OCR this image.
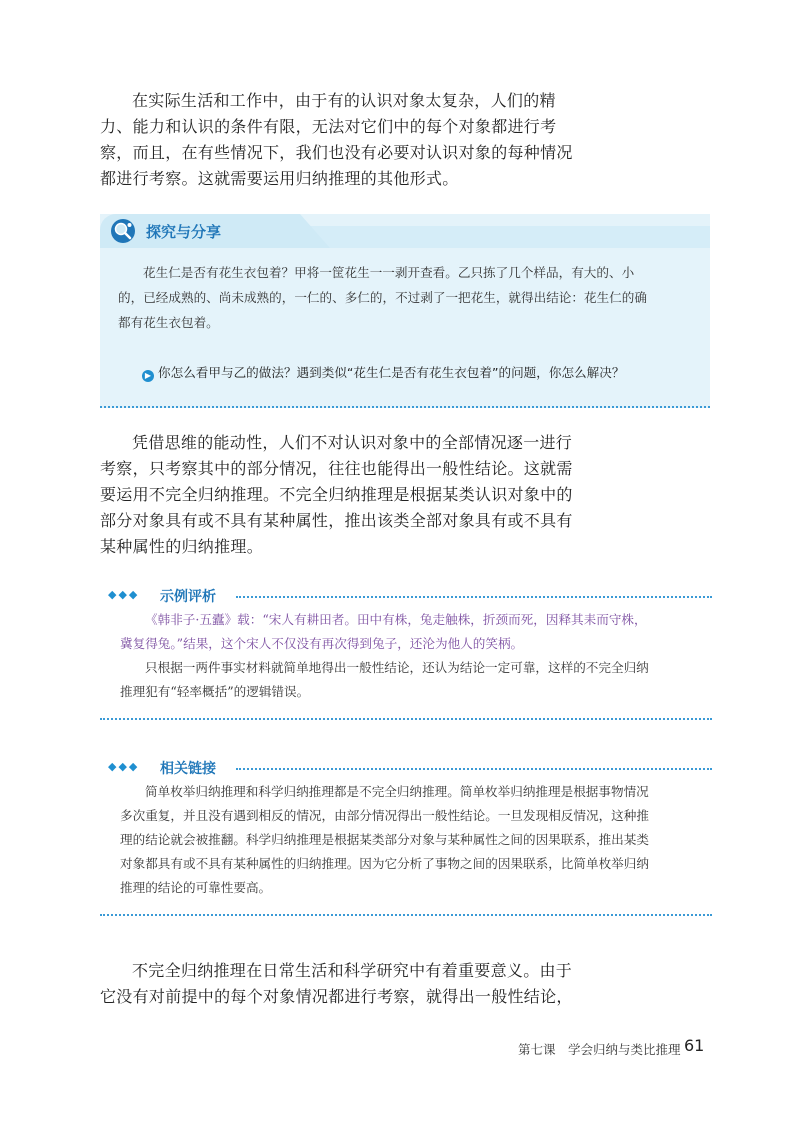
在实际生活和工作中，由于有的认识对象太复杂，人们的精
力、能力和认识的条件有限，无法对它们中的每个对象都进行考
察，而且，在有些情况下，我们也没有必要对认识对象的每种情况
都进行考察。这就需要运用归纳推理的其他形式。
探究与分享
花生仁是否有花生衣包着？甲将一筐花生一一剥开查看。乙只拣了几个样品，有大的、小
的，已经成熟的、尚未成熟的，一仁的、多仁的，不过剥了一把花生，就得出结论：花生仁的确
都有花生衣包着。
▶ 你怎么看甲与乙的做法？遇到类似“花生仁是否有花生衣包着”的问题，你怎么解决？
凭借思维的能动性，人们不对认识对象中的全部情况逐一进行
考察，只考察其中的部分情况，往往也能得出一般性结论。这就需
要运用不完全归纳推理。不完全归纳推理是根据某类认识对象中的
部分对象具有或不具有某种属性，推出该类全部对象具有或不具有
某种属性的归纳推理。
◆◆◆ 示例评析
《韩非子·五蠹》载：“宋人有耕田者。田中有株，兔走触株，折颈而死，因释其耒而守株，
冀复得兔。”结果，这个宋人不仅没有再次得到兔子，还沦为他人的笑柄。
只根据一两件事实材料就简单地得出一般性结论，还认为结论一定可靠，这样的不完全归纳
推理犯有“轻率概括”的逻辑错误。
◆◆◆ 相关链接
简单枚举归纳推理和科学归纳推理都是不完全归纳推理。简单枚举归纳推理是根据事物情况
多次重复，并且没有遇到相反的情况，由部分情况得出一般性结论。一旦发现相反情况，这种推
理的结论就会被推翻。科学归纳推理是根据某类部分对象与某种属性之间的因果联系，推出某类
对象都具有或不具有某种属性的归纳推理。因为它分析了事物之间的因果联系，比简单枚举归纳
推理的结论的可靠性要高。
不完全归纳推理在日常生活和科学研究中有着重要意义。由于
它没有对前提中的每个对象情况都进行考察，就得出一般性结论，
第七课　学会归纳与类比推理 61
